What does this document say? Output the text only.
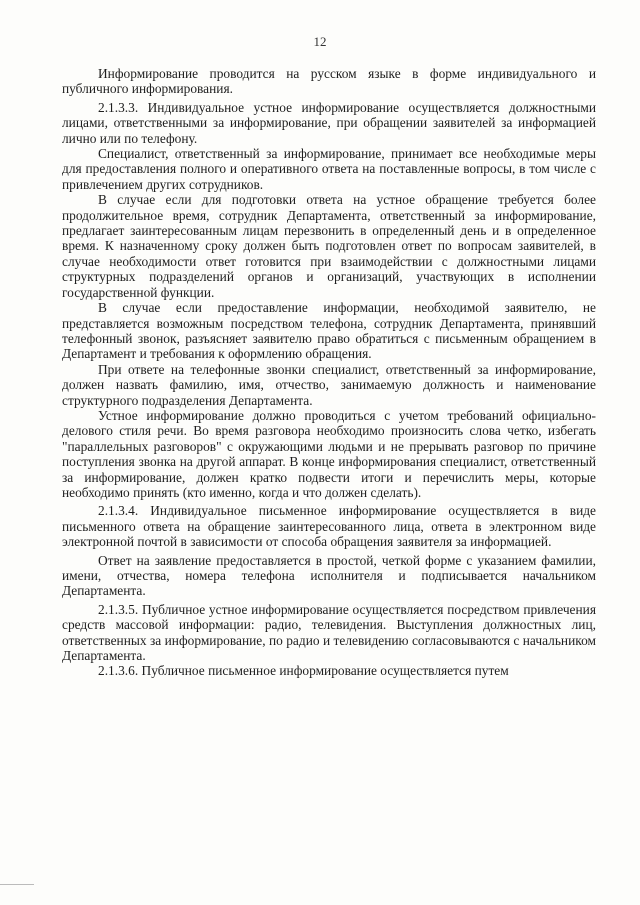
12

Информирование проводится на русском языке в форме индивидуального и публичного информирования.

2.1.3.3. Индивидуальное устное информирование осуществляется должностными лицами, ответственными за информирование, при обращении заявителей за информацией лично или по телефону.

Специалист, ответственный за информирование, принимает все необходимые меры для предоставления полного и оперативного ответа на поставленные вопросы, в том числе с привлечением других сотрудников.

В случае если для подготовки ответа на устное обращение требуется более продолжительное время, сотрудник Департамента, ответственный за информирование, предлагает заинтересованным лицам перезвонить в определенный день и в определенное время. К назначенному сроку должен быть подготовлен ответ по вопросам заявителей, в случае необходимости ответ готовится при взаимодействии с должностными лицами структурных подразделений органов и организаций, участвующих в исполнении государственной функции.

В случае если предоставление информации, необходимой заявителю, не представляется возможным посредством телефона, сотрудник Департамента, принявший телефонный звонок, разъясняет заявителю право обратиться с письменным обращением в Департамент и требования к оформлению обращения.

При ответе на телефонные звонки специалист, ответственный за информирование, должен назвать фамилию, имя, отчество, занимаемую должность и наименование структурного подразделения Департамента.

Устное информирование должно проводиться с учетом требований официально-делового стиля речи. Во время разговора необходимо произносить слова четко, избегать "параллельных разговоров" с окружающими людьми и не прерывать разговор по причине поступления звонка на другой аппарат. В конце информирования специалист, ответственный за информирование, должен кратко подвести итоги и перечислить меры, которые необходимо принять (кто именно, когда и что должен сделать).

2.1.3.4. Индивидуальное письменное информирование осуществляется в виде письменного ответа на обращение заинтересованного лица, ответа в электронном виде электронной почтой в зависимости от способа обращения заявителя за информацией.

Ответ на заявление предоставляется в простой, четкой форме с указанием фамилии, имени, отчества, номера телефона исполнителя и подписывается начальником Департамента.

2.1.3.5. Публичное устное информирование осуществляется посредством привлечения средств массовой информации: радио, телевидения. Выступления должностных лиц, ответственных за информирование, по радио и телевидению согласовываются с начальником Департамента.

2.1.3.6. Публичное письменное информирование осуществляется путем
